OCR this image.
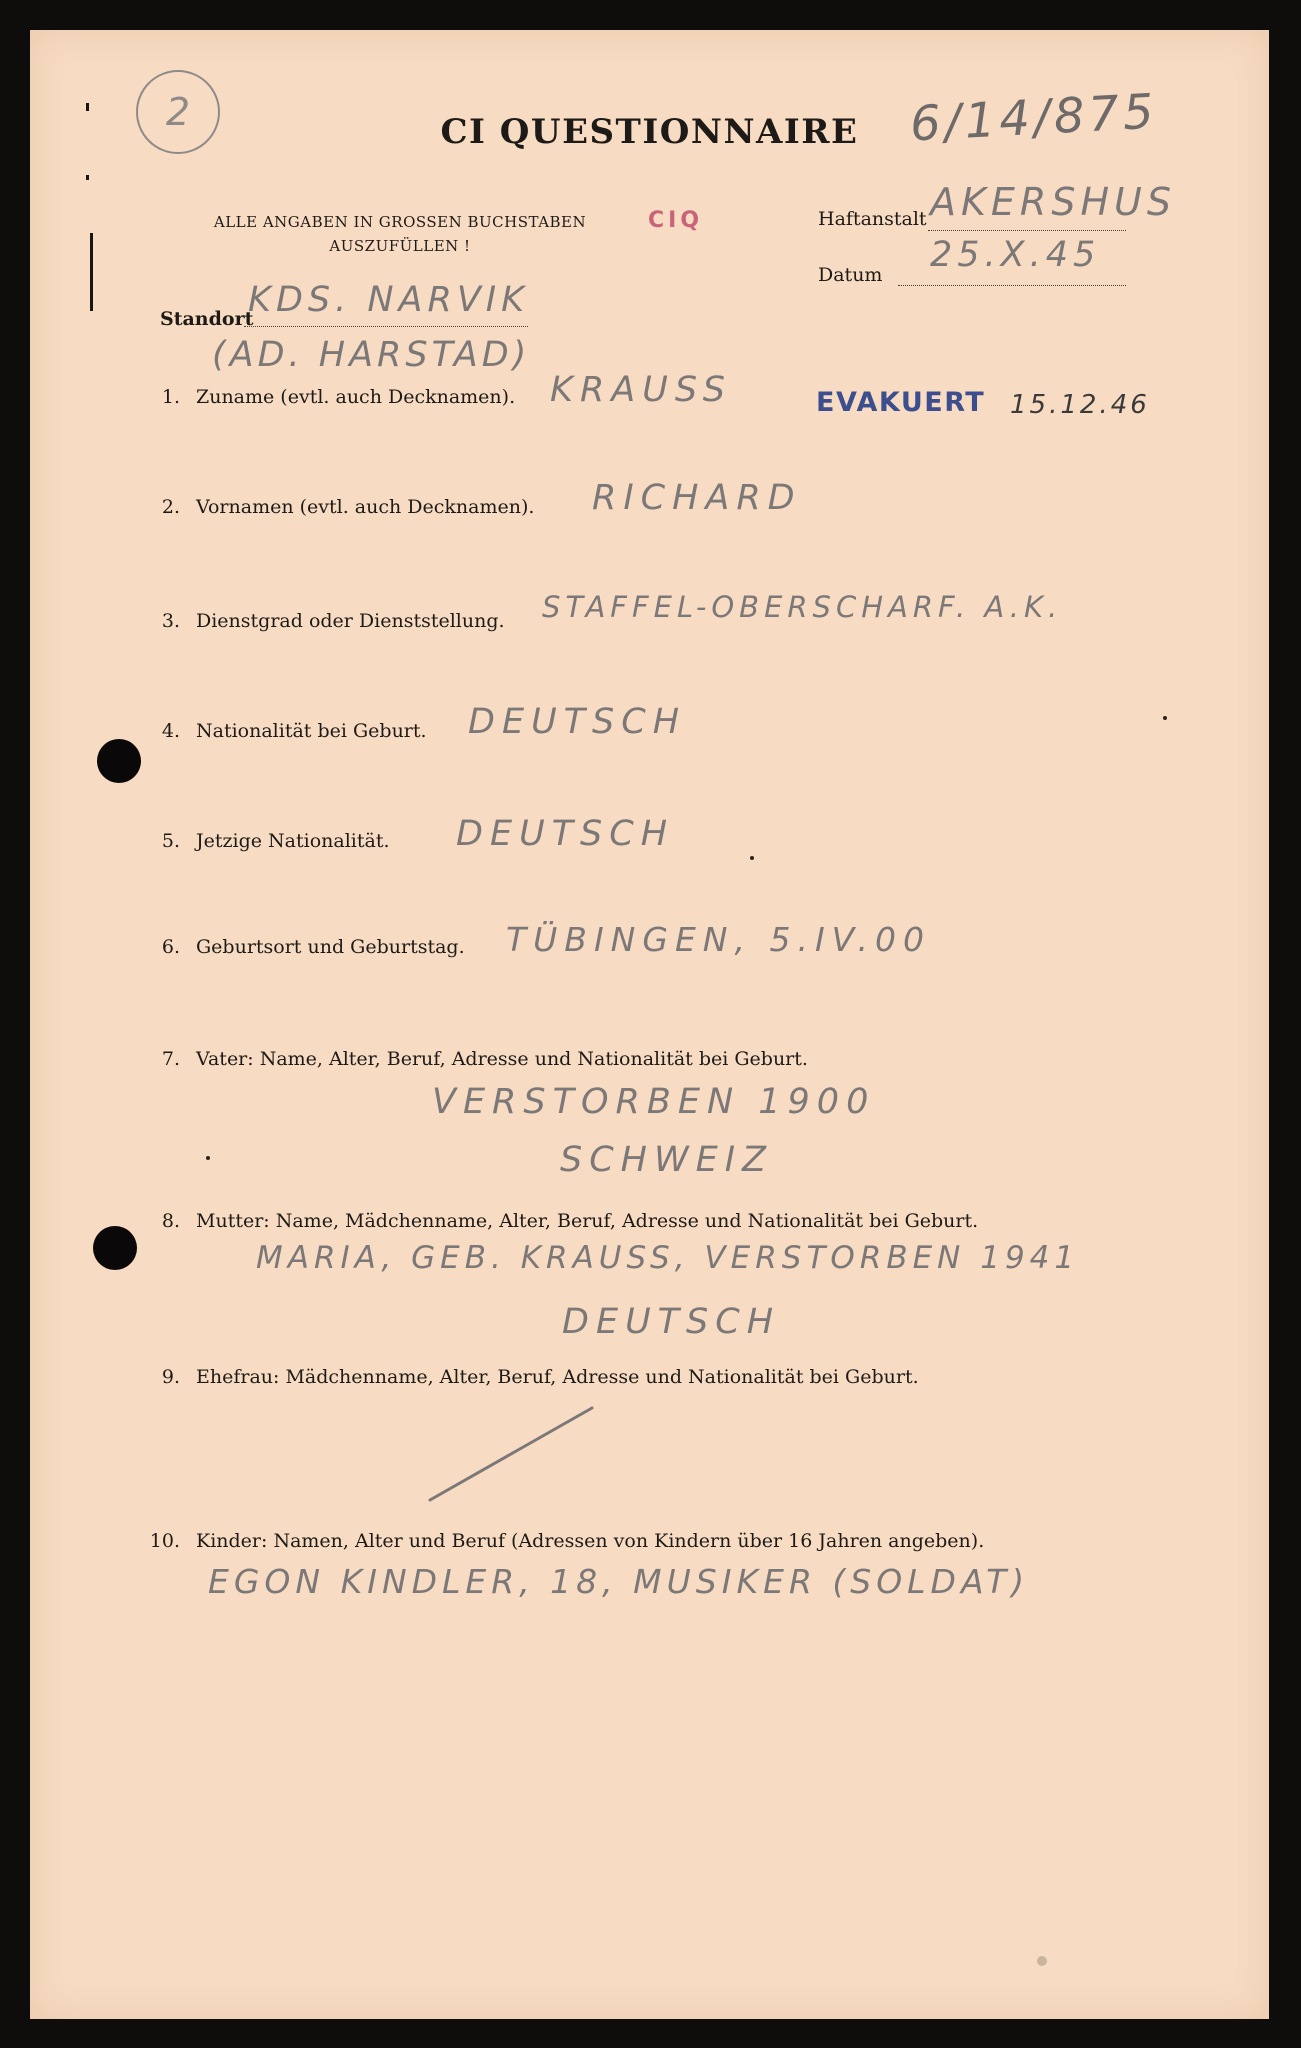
2	CI QUESTIONNAIRE	6/14/875
ALLE ANGABEN IN GROSSEN BUCHSTABEN
AUSZUFÜLLEN !
CIQ	Haftanstalt AKERSHUS
Datum 25.X.45
Standort
KDS. NARVIK
(AD. HARSTAD)
EVAKUERT 15.12.46
1. Zuname (evtl. auch Decknamen). KRAUSS
2. Vornamen (evtl. auch Decknamen). RICHARD
3. Dienstgrad oder Dienststellung. STAFFEL-OBERSCHARF. A.K.
4. Nationalität bei Geburt. DEUTSCH
5. Jetzige Nationalität. DEUTSCH
6. Geburtsort und Geburtstag. TÜBINGEN, 5.IV.00
7. Vater: Name, Alter, Beruf, Adresse und Nationalität bei Geburt.
VERSTORBEN 1900
SCHWEIZ
8. Mutter: Name, Mädchenname, Alter, Beruf, Adresse und Nationalität bei Geburt.
MARIA, GEB. KRAUSS, VERSTORBEN 1941
DEUTSCH
9. Ehefrau: Mädchenname, Alter, Beruf, Adresse und Nationalität bei Geburt.
10. Kinder: Namen, Alter und Beruf (Adressen von Kindern über 16 Jahren angeben).
EGON KINDLER, 18, MUSIKER (SOLDAT)
